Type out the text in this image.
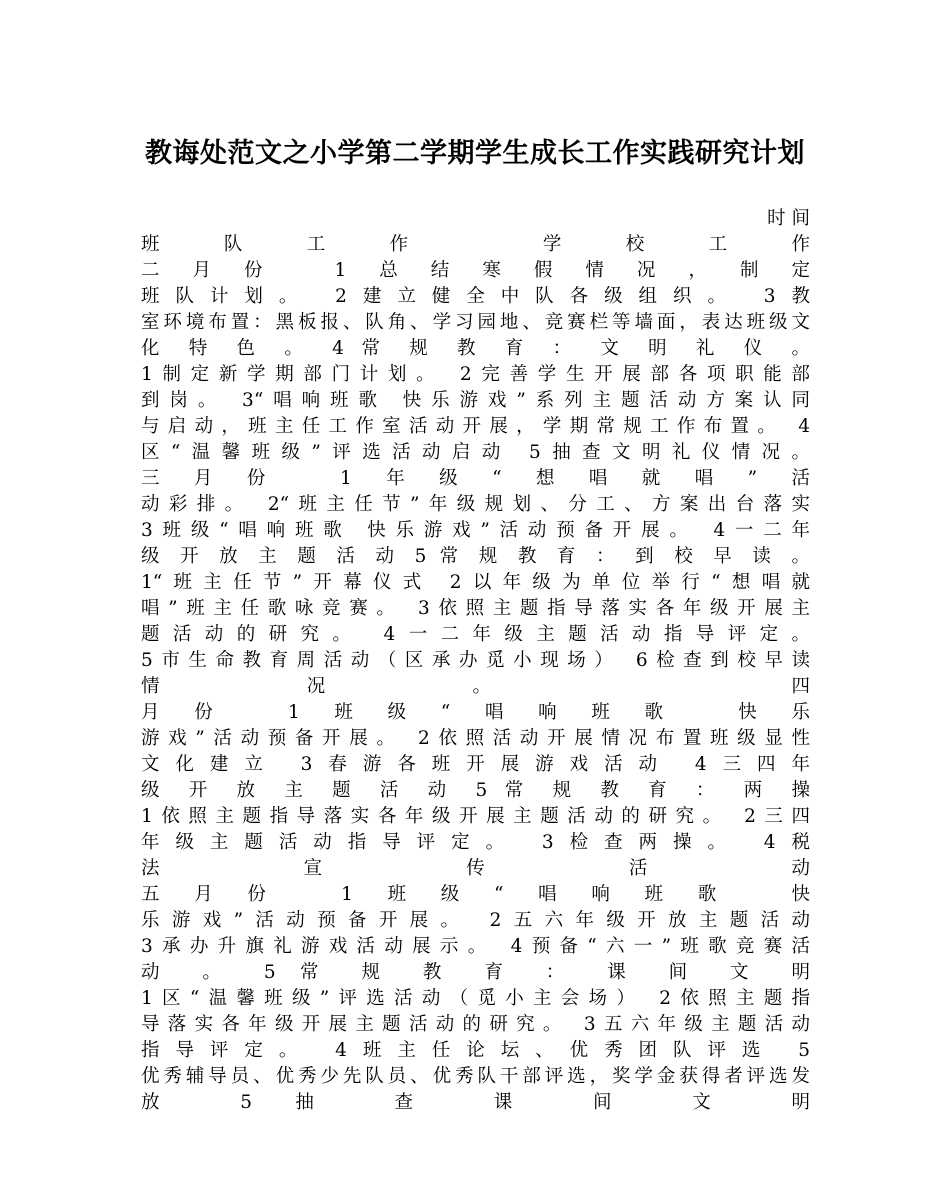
教诲处范文之小学第二学期学生成长工作实践研究计划
时 间
班队工作 学校工作
二月份 1总结寒假情况，制定
班队计划。 2建立健全中队各级组织。 3教
室环境布置：黑板报、队角、学习园地、竞赛栏等墙面，表达班级文
化 特 色 。 4 常 规 教 育 ： 文 明 礼 仪 。
1制定新学期部门计划。 2完善学生开展部各项职能部
到岗。 3“唱响班歌 快乐游戏”系列主题活动方案认同
与启动，班主任工作室活动开展，学期常规工作布置。 4
区“温馨班级”评选活动启动 5抽查文明礼仪情况。
三月份 1年级“想唱就唱”活
动彩排。 2“班主任节”年级规划、分工、方案出台落实
3班级“唱响班歌 快乐游戏”活动预备开展。 4一二年
级 开 放 主 题 活 动 5 常 规 教 育 ： 到 校 早 读 。
1“班主任节”开幕仪式 2以年级为单位举行“想唱就
唱”班主任歌咏竞赛。 3依照主题指导落实各年级开展主
题活动的研究。 4一二年级主题活动指导评定。
5市生命教育周活动（区承办觅小现场） 6检查到校早读
情况。 四
月份 1班级“唱响班歌 快乐
游戏”活动预备开展。 2依照活动开展情况布置班级显性
文化建立 3春游各班开展游戏活动 4三四年
级 开 放 主 题 活 动 5 常 规 教 育 ： 两 操
1依照主题指导落实各年级开展主题活动的研究。 2三四
年级主题活动指导评定。 3检查两操。 4税
法 宣 传 活 动
五月份 1班级“唱响班歌 快
乐游戏”活动预备开展。 2五六年级开放主题活动
3承办升旗礼游戏活动展示。 4预备“六一”班歌竞赛活
动 。 5 常 规 教 育 ： 课 间 文 明
1区“温馨班级”评选活动（觅小主会场） 2依照主题指
导落实各年级开展主题活动的研究。 3五六年级主题活动
指导评定。 4班主任论坛、优秀团队评选 5
优秀辅导员、优秀少先队员、优秀队干部评选，奖学金获得者评选发
放 5 抽 查 课 间 文 明
